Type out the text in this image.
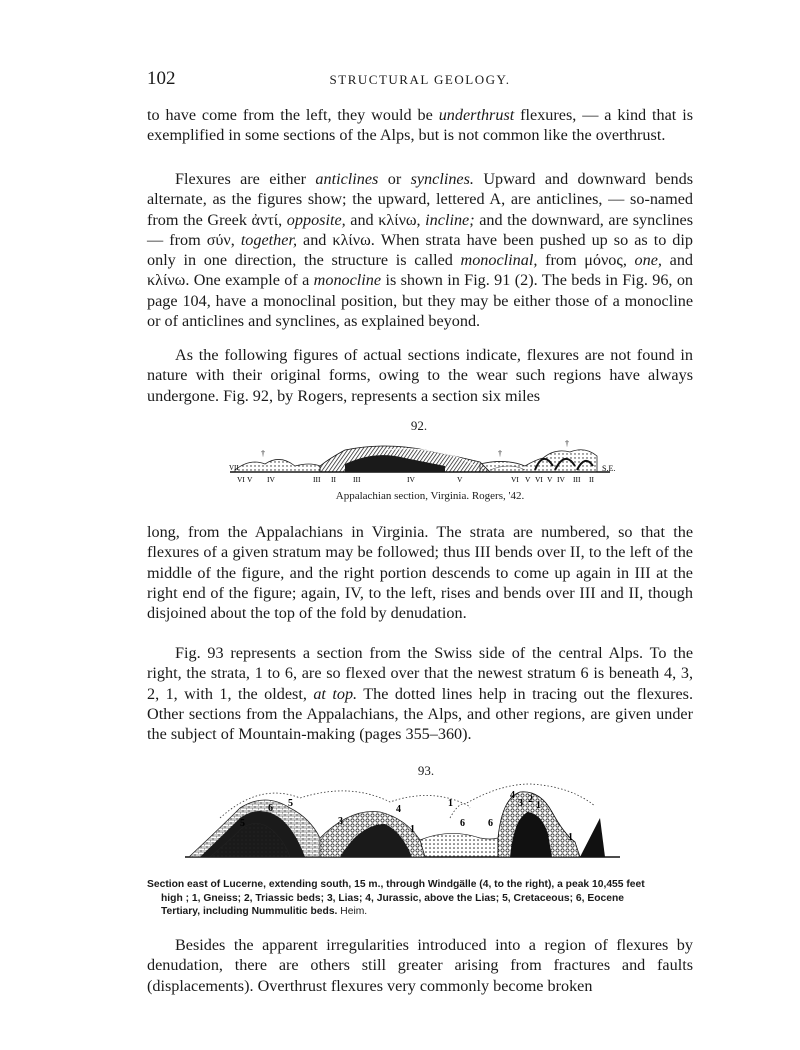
102	STRUCTURAL GEOLOGY.

to have come from the left, they would be underthrust flexures, — a kind that is exemplified in some sections of the Alps, but is not common like the overthrust.

Flexures are either anticlines or synclines. Upward and downward bends alternate, as the figures show; the upward, lettered A, are anticlines, — so-named from the Greek ἀντί, opposite, and κλίνω, incline; and the downward, are synclines — from σύν, together, and κλίνω. When strata have been pushed up so as to dip only in one direction, the structure is called monoclinal, from μόνος, one, and κλίνω. One example of a monocline is shown in Fig. 91 (2). The beds in Fig. 96, on page 104, have a monoclinal position, but they may be either those of a monocline or of anticlines and synclines, as explained beyond.

As the following figures of actual sections indicate, flexures are not found in nature with their original forms, owing to the wear such regions have always undergone. Fig. 92, by Rogers, represents a section six miles

92.
VII	S.E.
†	†
†
VI V IV	III II III	IV	V	VI V VI V IV III II
Appalachian section, Virginia. Rogers, '42.

long, from the Appalachians in Virginia. The strata are numbered, so that the flexures of a given stratum may be followed; thus III bends over II, to the left of the middle of the figure, and the right portion descends to come up again in III at the right end of the figure; again, IV, to the left, rises and bends over III and II, though disjoined about the top of the fold by denudation.

Fig. 93 represents a section from the Swiss side of the central Alps. To the right, the strata, 1 to 6, are so flexed over that the newest stratum 6 is beneath 4, 3, 2, 1, with 1, the oldest, at top. The dotted lines help in tracing out the flexures. Other sections from the Appalachians, the Alps, and other regions, are given under the subject of Mountain-making (pages 355–360).

93.
5
6 5
4
3
1
1
6 6
4
3 2
1
1

Section east of Lucerne, extending south, 15 m., through Windgälle (4, to the right), a peak 10,455 feet
high ; 1, Gneiss; 2, Triassic beds; 3, Lias; 4, Jurassic, above the Lias; 5, Cretaceous; 6, Eocene
Tertiary, including Nummulitic beds. Heim.

Besides the apparent irregularities introduced into a region of flexures by denudation, there are others still greater arising from fractures and faults (displacements). Overthrust flexures very commonly become broken
